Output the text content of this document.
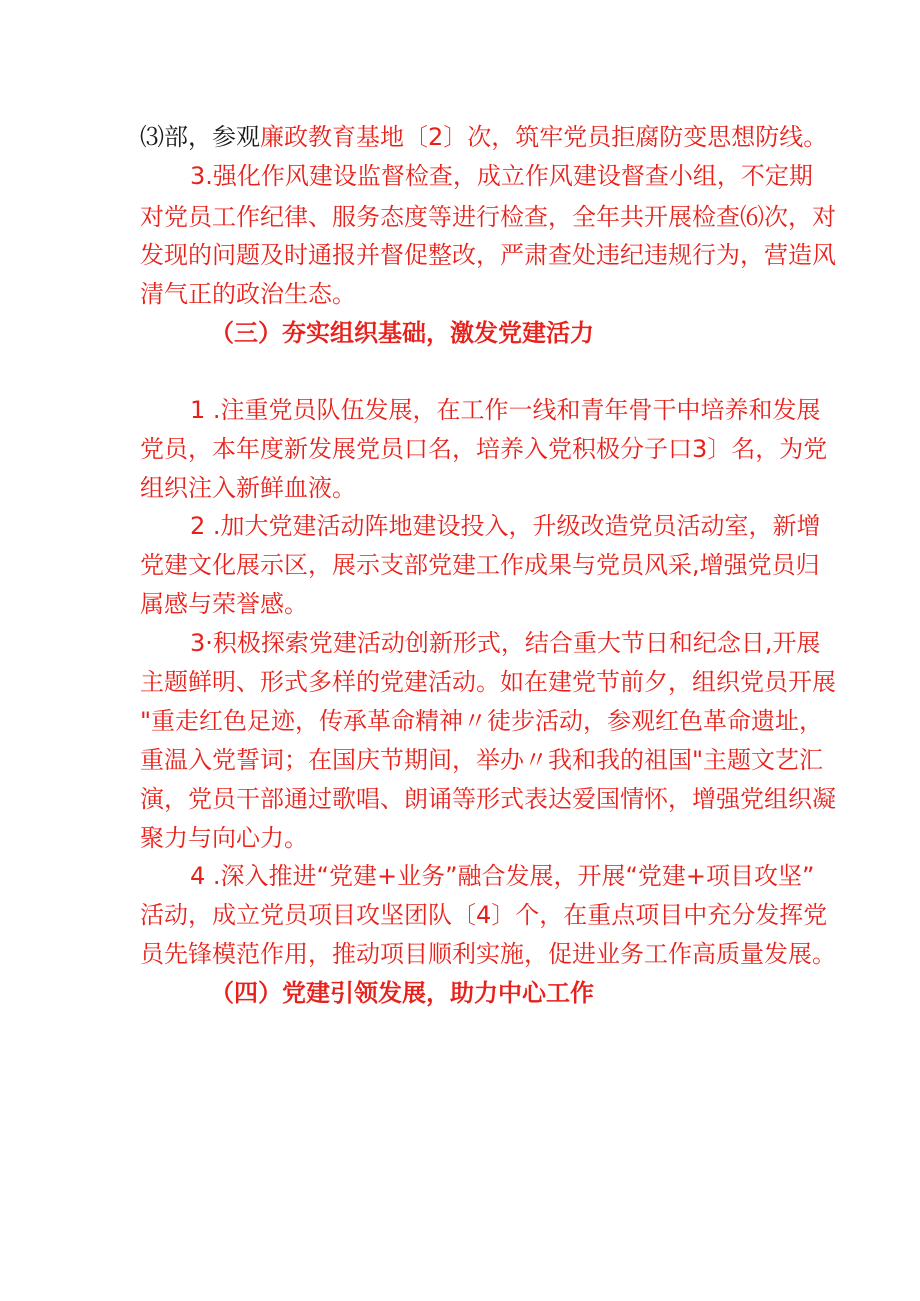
⑶部，参观廉政教育基地〔2〕次，筑牢党员拒腐防变思想防线。
3.强化作风建设监督检查，成立作风建设督查小组，不定期
对党员工作纪律、服务态度等进行检查，全年共开展检查⑹次，对
发现的问题及时通报并督促整改，严肃查处违纪违规行为，营造风
清气正的政治生态。
（三）夯实组织基础，激发党建活力
1 .注重党员队伍发展，在工作一线和青年骨干中培养和发展
党员，本年度新发展党员口名，培养入党积极分子口3〕名，为党
组织注入新鲜血液。
2 .加大党建活动阵地建设投入，升级改造党员活动室，新增
党建文化展示区，展示支部党建工作成果与党员风采,增强党员归
属感与荣誉感。
3·积极探索党建活动创新形式，结合重大节日和纪念日,开展
主题鲜明、形式多样的党建活动。如在建党节前夕，组织党员开展
"重走红色足迹，传承革命精神〃徒步活动，参观红色革命遗址，
重温入党誓词；在国庆节期间，举办〃我和我的祖国"主题文艺汇
演，党员干部通过歌唱、朗诵等形式表达爱国情怀，增强党组织凝
聚力与向心力。
4 .深入推进“党建+业务”融合发展，开展“党建+项目攻坚”
活动，成立党员项目攻坚团队〔4〕个，在重点项目中充分发挥党
员先锋模范作用，推动项目顺利实施，促进业务工作高质量发展。
（四）党建引领发展，助力中心工作
